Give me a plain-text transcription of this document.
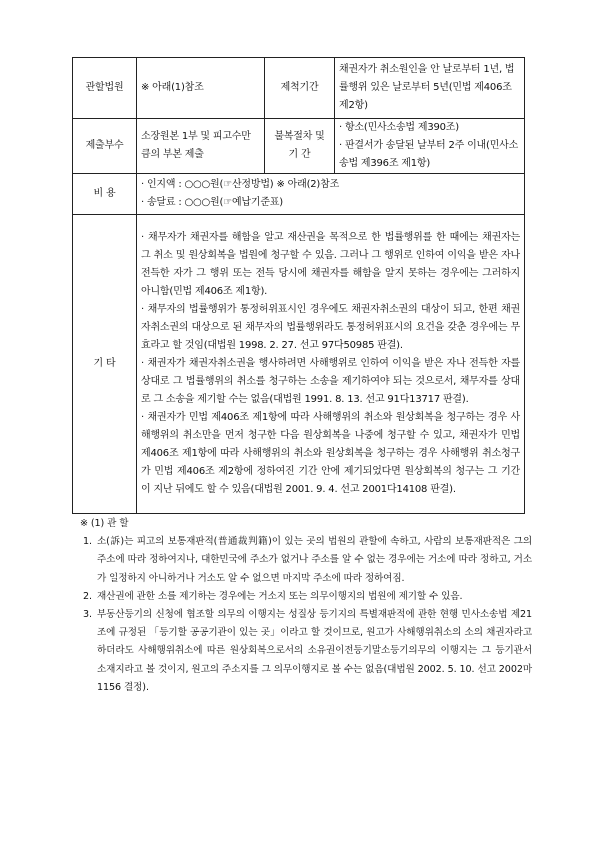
관할법원	※ 아래(1)참조	제척기간	채권자가 취소원인을 안 날로부터 1년, 법률행위 있은 날로부터 5년(민법 제406조 제2항)
제출부수	소장원본 1부 및 피고수만큼의 부본 제출	불복절차 및 기 간	· 항소(민사소송법 제390조)

· 판결서가 송달된 날부터 2주 이내(민사소송법 제396조 제1항)

비 용	· 인지액 : ○○○원(☞산정방법) ※ 아래(2)참조

· 송달료 : ○○○원(☞예납기준표)		

기 타	· 채무자가 채권자를 해함을 알고 재산권을 목적으로 한 법률행위를 한 때에는 채권자는 그 취소 및 원상회복을 법원에 청구할 수 있음. 그러나 그 행위로 인하여 이익을 받은 자나 전득한 자가 그 행위 또는 전득 당시에 채권자를 해함을 알지 못하는 경우에는 그러하지 아니함(민법 제406조 제1항).

· 채무자의 법률행위가 통정허위표시인 경우에도 채권자취소권의 대상이 되고, 한편 채권자취소권의 대상으로 된 채무자의 법률행위라도 통정허위표시의 요건을 갖춘 경우에는 무효라고 할 것임(대법원 1998. 2. 27. 선고 97다50985 판결).

· 채권자가 채권자취소권을 행사하려면 사해행위로 인하여 이익을 받은 자나 전득한 자를 상대로 그 법률행위의 취소를 청구하는 소송을 제기하여야 되는 것으로서, 채무자를 상대로 그 소송을 제기할 수는 없음(대법원 1991. 8. 13. 선고 91다13717 판결).

· 채권자가 민법 제406조 제1항에 따라 사해행위의 취소와 원상회복을 청구하는 경우 사해행위의 취소만을 먼저 청구한 다음 원상회복을 나중에 청구할 수 있고, 채권자가 민법 제406조 제1항에 따라 사해행위의 취소와 원상회복을 청구하는 경우 사해행위 취소청구가 민법 제406조 제2항에 정하여진 기간 안에 제기되었다면 원상회복의 청구는 그 기간이 지난 뒤에도 할 수 있음(대법원 2001. 9. 4. 선고 2001다14108 판결).		

※ (1) 관 할
1. 소(訴)는 피고의 보통재판적(普通裁判籍)이 있는 곳의 법원의 관할에 속하고, 사람의 보통재판적은 그의 주소에 따라 정하여지나, 대한민국에 주소가 없거나 주소를 알 수 없는 경우에는 거소에 따라 정하고, 거소가 일정하지 아니하거나 거소도 알 수 없으면 마지막 주소에 따라 정하여짐.
2. 재산권에 관한 소를 제기하는 경우에는 거소지 또는 의무이행지의 법원에 제기할 수 있음.
3. 부동산등기의 신청에 협조할 의무의 이행지는 성질상 등기지의 특별재판적에 관한 현행 민사소송법 제21조에 규정된 「등기할 공공기관이 있는 곳」이라고 할 것이므로, 원고가 사해행위취소의 소의 채권자라고 하더라도 사해행위취소에 따른 원상회복으로서의 소유권이전등기말소등기의무의 이행지는 그 등기관서 소재지라고 볼 것이지, 원고의 주소지를 그 의무이행지로 볼 수는 없음(대법원 2002. 5. 10. 선고 2002마1156 결정).
